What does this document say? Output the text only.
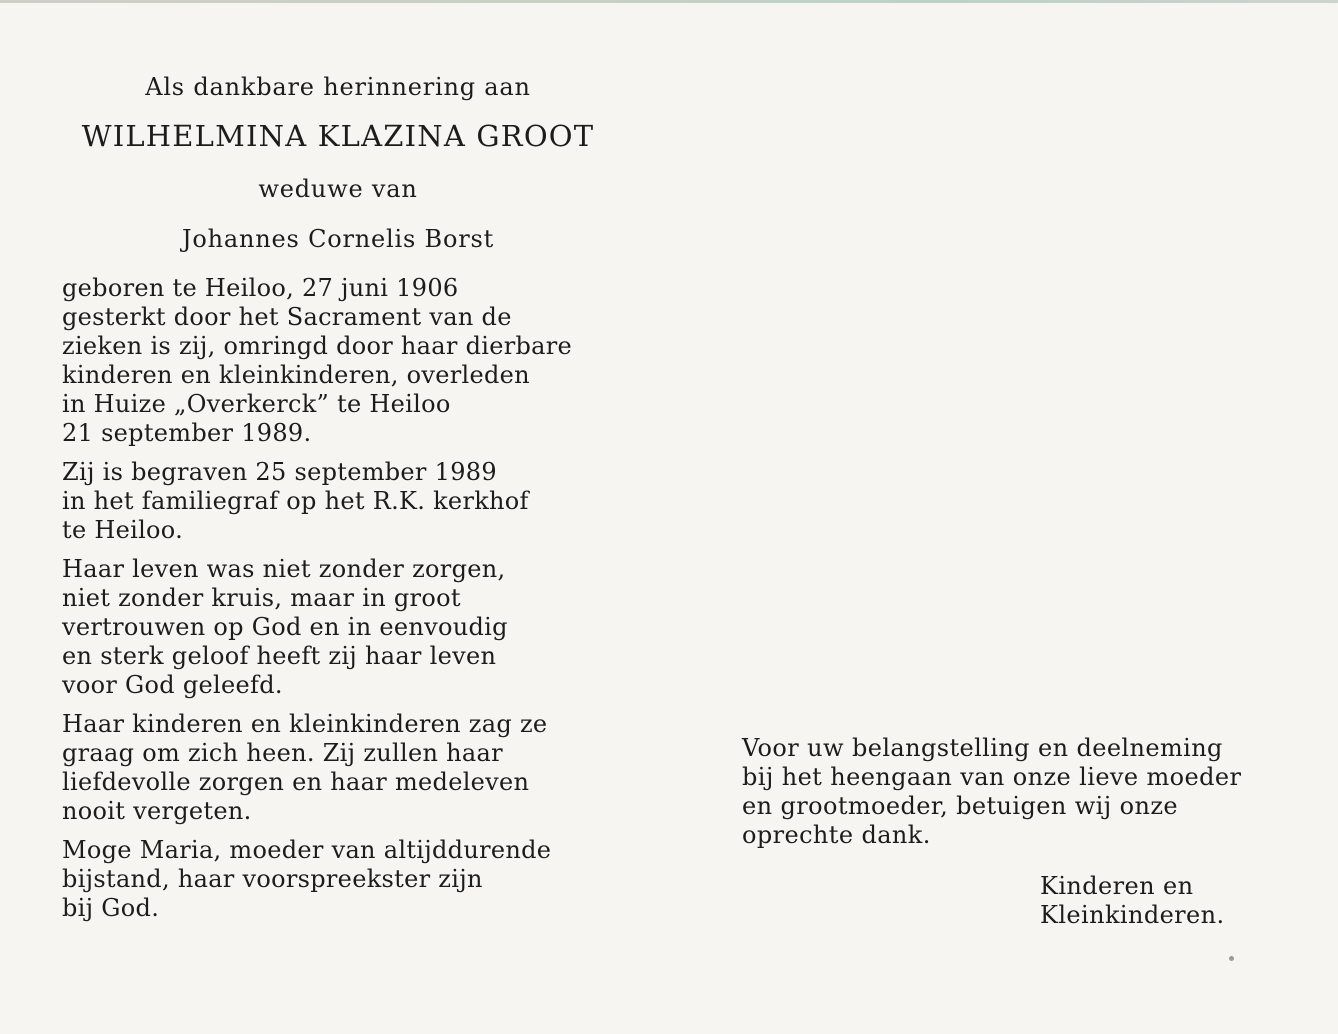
Als dankbare herinnering aan

WILHELMINA KLAZINA GROOT

weduwe van

Johannes Cornelis Borst

geboren te Heiloo, 27 juni 1906
gesterkt door het Sacrament van de
zieken is zij, omringd door haar dierbare
kinderen en kleinkinderen, overleden
in Huize „Overkerck” te Heiloo
21 september 1989.

Zij is begraven 25 september 1989
in het familiegraf op het R.K. kerkhof
te Heiloo.

Haar leven was niet zonder zorgen,
niet zonder kruis, maar in groot
vertrouwen op God en in eenvoudig
en sterk geloof heeft zij haar leven
voor God geleefd.

Haar kinderen en kleinkinderen zag ze
graag om zich heen. Zij zullen haar
liefdevolle zorgen en haar medeleven
nooit vergeten.

Moge Maria, moeder van altijddurende
bijstand, haar voorspreekster zijn
bij God.

Voor uw belangstelling en deelneming
bij het heengaan van onze lieve moeder
en grootmoeder, betuigen wij onze
oprechte dank.

Kinderen en
Kleinkinderen.
